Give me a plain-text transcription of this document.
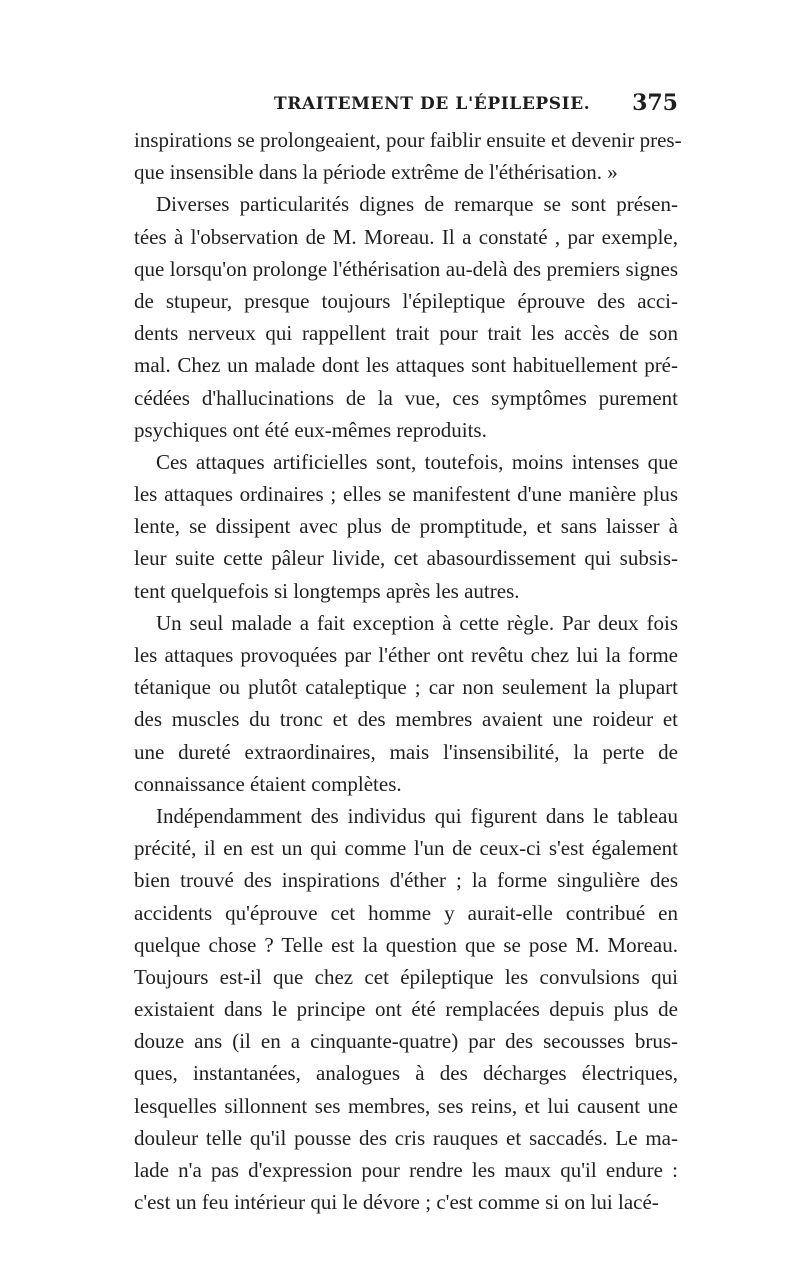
TRAITEMENT DE L'ÉPILEPSIE. 375
inspirations se prolongeaient, pour faiblir ensuite et devenir pres-
que insensible dans la période extrême de l'éthérisation. »
Diverses particularités dignes de remarque se sont présen-
tées à l'observation de M. Moreau. Il a constaté , par exemple,
que lorsqu'on prolonge l'éthérisation au-delà des premiers signes
de stupeur, presque toujours l'épileptique éprouve des acci-
dents nerveux qui rappellent trait pour trait les accès de son
mal. Chez un malade dont les attaques sont habituellement pré-
cédées d'hallucinations de la vue, ces symptômes purement
psychiques ont été eux-mêmes reproduits.
Ces attaques artificielles sont, toutefois, moins intenses que
les attaques ordinaires ; elles se manifestent d'une manière plus
lente, se dissipent avec plus de promptitude, et sans laisser à
leur suite cette pâleur livide, cet abasourdissement qui subsis-
tent quelquefois si longtemps après les autres.
Un seul malade a fait exception à cette règle. Par deux fois
les attaques provoquées par l'éther ont revêtu chez lui la forme
tétanique ou plutôt cataleptique ; car non seulement la plupart
des muscles du tronc et des membres avaient une roideur et
une dureté extraordinaires, mais l'insensibilité, la perte de
connaissance étaient complètes.
Indépendamment des individus qui figurent dans le tableau
précité, il en est un qui comme l'un de ceux-ci s'est également
bien trouvé des inspirations d'éther ; la forme singulière des
accidents qu'éprouve cet homme y aurait-elle contribué en
quelque chose ? Telle est la question que se pose M. Moreau.
Toujours est-il que chez cet épileptique les convulsions qui
existaient dans le principe ont été remplacées depuis plus de
douze ans (il en a cinquante-quatre) par des secousses brus-
ques, instantanées, analogues à des décharges électriques,
lesquelles sillonnent ses membres, ses reins, et lui causent une
douleur telle qu'il pousse des cris rauques et saccadés. Le ma-
lade n'a pas d'expression pour rendre les maux qu'il endure :
c'est un feu intérieur qui le dévore ; c'est comme si on lui lacé-
